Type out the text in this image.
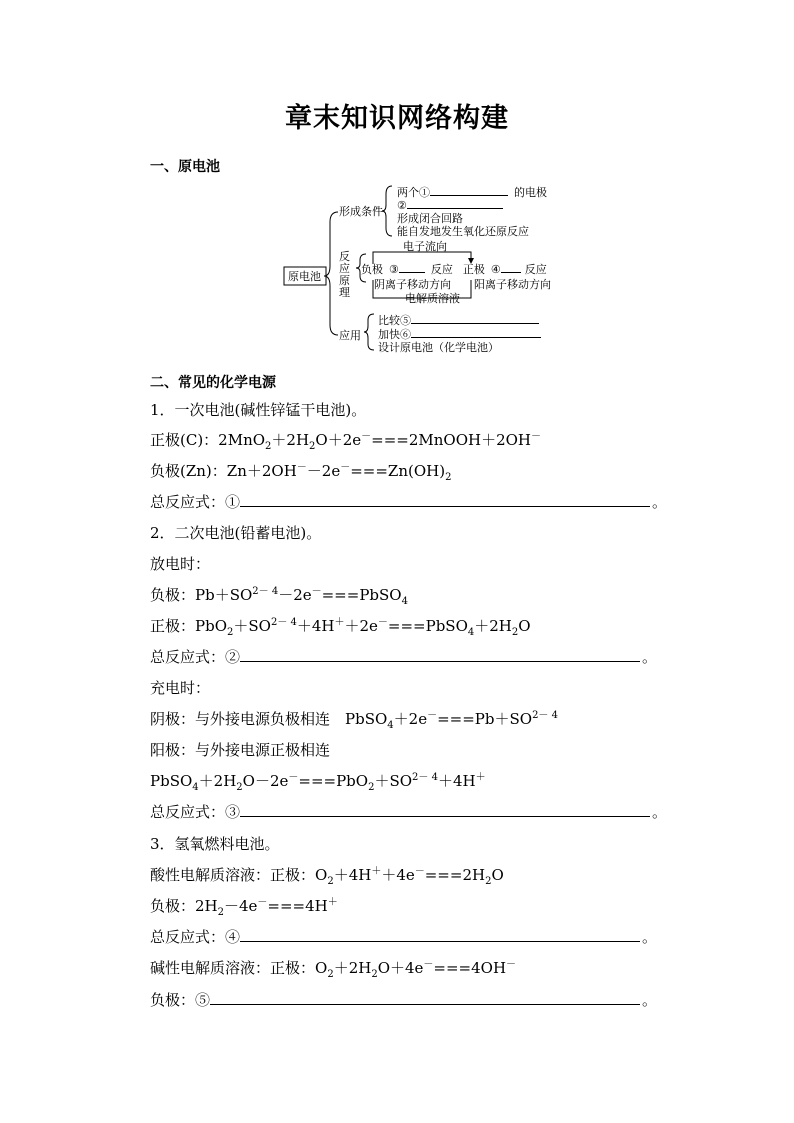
章末知识网络构建
一、原电池
原电池
形成条件
两个①	的电极
②
形成闭合回路
能自发地发生氧化还原反应
反
应
原
理
电子流向
负极 ③	反应 正极 ④ 反应
阴离子移动方向 阳离子移动方向
电解质溶液
应用
比较⑤
加快⑥
设计原电池（化学电池）
二、常见的化学电源
1．一次电池(碱性锌锰干电池)。
正极(C)：$2MnO_2+2H_2O+2e^-===2MnOOH+2OH^-$
负极(Zn)：$Zn+2OH^--2e^-===Zn(OH)_2$
总反应式：①	。
2．二次电池(铅蓄电池)。
放电时：
负极：$Pb+SO^{2- 4}-2e^-===PbSO_4$
正极：$PbO_2+SO^{2- 4}+4H^++2e^-===PbSO_4+2H_2O$
总反应式：②	。
充电时：
阴极：与外接电源负极相连　$PbSO_4+2e^-===Pb+SO^{2- 4}$
阳极：与外接电源正极相连
$PbSO_4+2H_2O-2e^-===PbO_2+SO^{2- 4}+4H^+$
总反应式：③	。
3．氢氧燃料电池。
酸性电解质溶液：正极：$O_2+4H^++4e^-===2H_2O$
负极：$2H_2-4e^-===4H^+$
总反应式：④	。
碱性电解质溶液：正极：$O_2+2H_2O+4e^-===4OH^-$
负极：⑤	。
